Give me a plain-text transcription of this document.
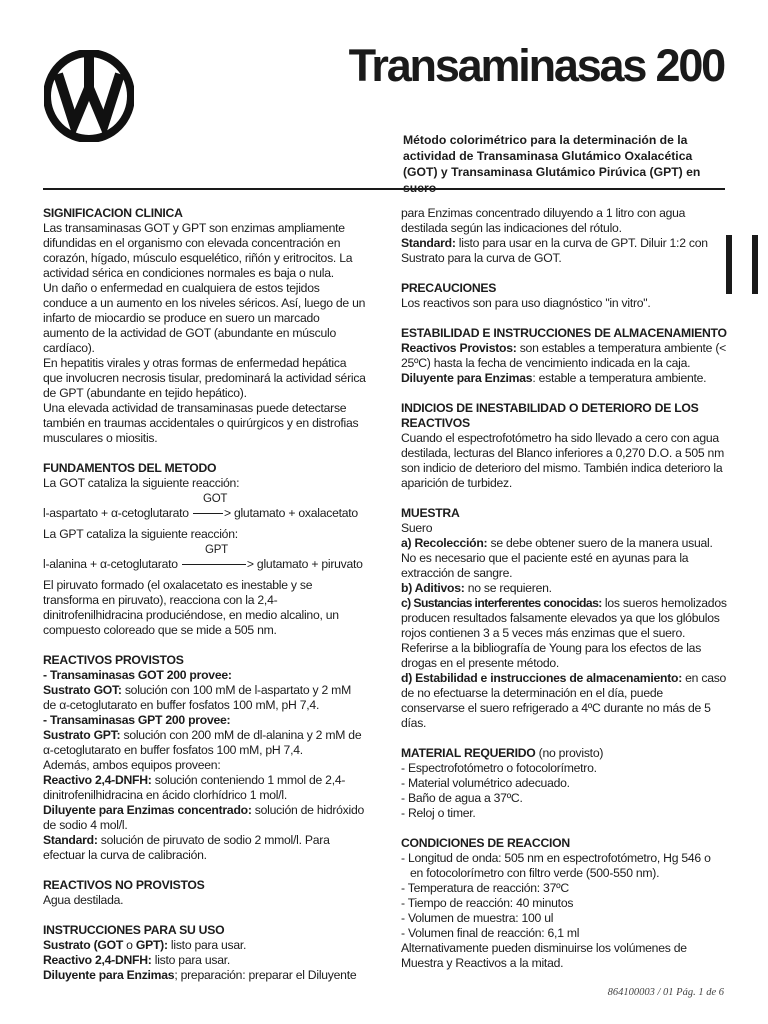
Transaminasas 200

Método colorimétrico para la determinación de la actividad de Transaminasa Glutámico Oxalacética (GOT) y Transaminasa Glutámico Pirúvica (GPT) en

SIGNIFICACION CLINICA

Las transaminasas GOT y GPT son enzimas ampliamente difundidas en el organismo con elevada concentración en corazón, hígado, músculo esquelético, riñón y eritrocitos. La actividad sérica en condiciones normales es baja o nula.

Un daño o enfermedad en cualquiera de estos tejidos conduce a un aumento en los niveles séricos. Así, luego de un infarto de miocardio se produce en suero un marcado aumento de la actividad de GOT (abundante en músculo cardíaco).

En hepatitis virales y otras formas de enfermedad hepática que involucren necrosis tisular, predominará la actividad sérica de GPT (abundante en tejido hepático).

Una elevada actividad de transaminasas puede detectarse también en traumas accidentales o quirúrgicos y en distrofias musculares o miositis.

FUNDAMENTOS DEL METODO

La GOT cataliza la siguiente reacción:

GOT
l-aspartato + α-cetoglutarato	> glutamato + oxalacetato

La GPT cataliza la siguiente reacción:

GPT
l-alanina + α-cetoglutarato	> glutamato + piruvato

El piruvato formado (el oxalacetato es inestable y se transforma en piruvato), reacciona con la 2,4-dinitrofenilhidracina produciéndose, en medio alcalino, un compuesto coloreado que se mide a 505 nm.

REACTIVOS PROVISTOS

- Transaminasas GOT 200 provee:

Sustrato GOT: solución con 100 mM de l-aspartato y 2 mM de α-cetoglutarato en buffer fosfatos 100 mM, pH 7,4.

- Transaminasas GPT 200 provee:

Sustrato GPT: solución con 200 mM de dl-alanina y 2 mM de α-cetoglutarato en buffer fosfatos 100 mM, pH 7,4.

Además, ambos equipos proveen:

Reactivo 2,4-DNFH: solución conteniendo 1 mmol de 2,4-dinitrofenilhidracina en ácido clorhídrico 1 mol/l.

Diluyente para Enzimas concentrado: solución de hidróxido de sodio 4 mol/l.

Standard: solución de piruvato de sodio 2 mmol/l. Para efectuar la curva de calibración.

REACTIVOS NO PROVISTOS

Agua destilada.

INSTRUCCIONES PARA SU USO

Sustrato (GOT o GPT): listo para usar.

Reactivo 2,4-DNFH: listo para usar.

Diluyente para Enzimas; preparación: preparar el Diluyente

para Enzimas concentrado diluyendo a 1 litro con agua destilada según las indicaciones del rótulo.

Standard: listo para usar en la curva de GPT. Diluir 1:2 con Sustrato para la curva de GOT.

PRECAUCIONES

Los reactivos son para uso diagnóstico "in vitro".

ESTABILIDAD E INSTRUCCIONES DE ALMACENAMIENTO

Reactivos Provistos: son estables a temperatura ambiente (< 25ºC) hasta la fecha de vencimiento indicada en la caja.

Diluyente para Enzimas: estable a temperatura ambiente.

INDICIOS DE INESTABILIDAD O DETERIORO DE LOS REACTIVOS

Cuando el espectrofotómetro ha sido llevado a cero con agua destilada, lecturas del Blanco inferiores a 0,270 D.O. a 505 nm son indicio de deterioro del mismo. También indica deterioro la aparición de turbidez.

MUESTRA

Suero

a) Recolección: se debe obtener suero de la manera usual. No es necesario que el paciente esté en ayunas para la extracción de sangre.

b) Aditivos: no se requieren.

c) Sustancias interferentes conocidas: los sueros hemolizados producen resultados falsamente elevados ya que los glóbulos rojos contienen 3 a 5 veces más enzimas que el suero.

Referirse a la bibliografía de Young para los efectos de las drogas en el presente método.

d) Estabilidad e instrucciones de almacenamiento: en caso de no efectuarse la determinación en el día, puede conservarse el suero refrigerado a 4ºC durante no más de 5 días.

MATERIAL REQUERIDO (no provisto)

- Espectrofotómetro o fotocolorímetro.

- Material volumétrico adecuado.

- Baño de agua a 37ºC.

- Reloj o timer.

CONDICIONES DE REACCION

- Longitud de onda: 505 nm en espectrofotómetro, Hg 546 o

en fotocolorímetro con filtro verde (500-550 nm).

- Temperatura de reacción: 37ºC

- Tiempo de reacción: 40 minutos

- Volumen de muestra: 100 ul

- Volumen final de reacción: 6,1 ml

Alternativamente pueden disminuirse los volúmenes de Muestra y Reactivos a la mitad.

864100003 / 01 Pág. 1 de 6
